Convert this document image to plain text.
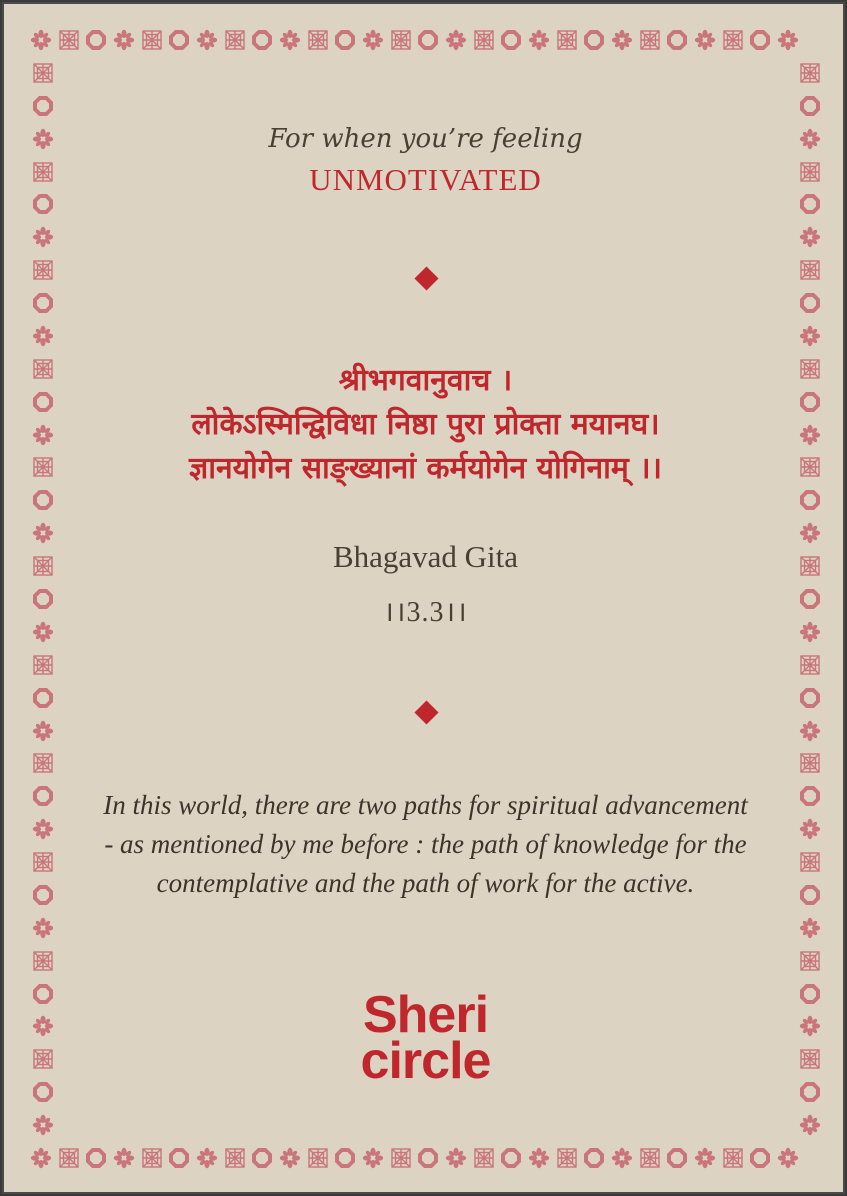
For when you’re feeling
UNMOTIVATED
श्रीभगवानुवाच ।
लोकेऽस्मिन्द्विविधा निष्ठा पुरा प्रोक्ता मयानघ।
ज्ञानयोगेन साङ्ख्यानां कर्मयोगेन योगिनाम् ।।
Bhagavad Gita
।।3.3।।
In this world, there are two paths for spiritual advancement - as mentioned by me before : the path of knowledge for the contemplative and the path of work for the active.
Sheri
circle
